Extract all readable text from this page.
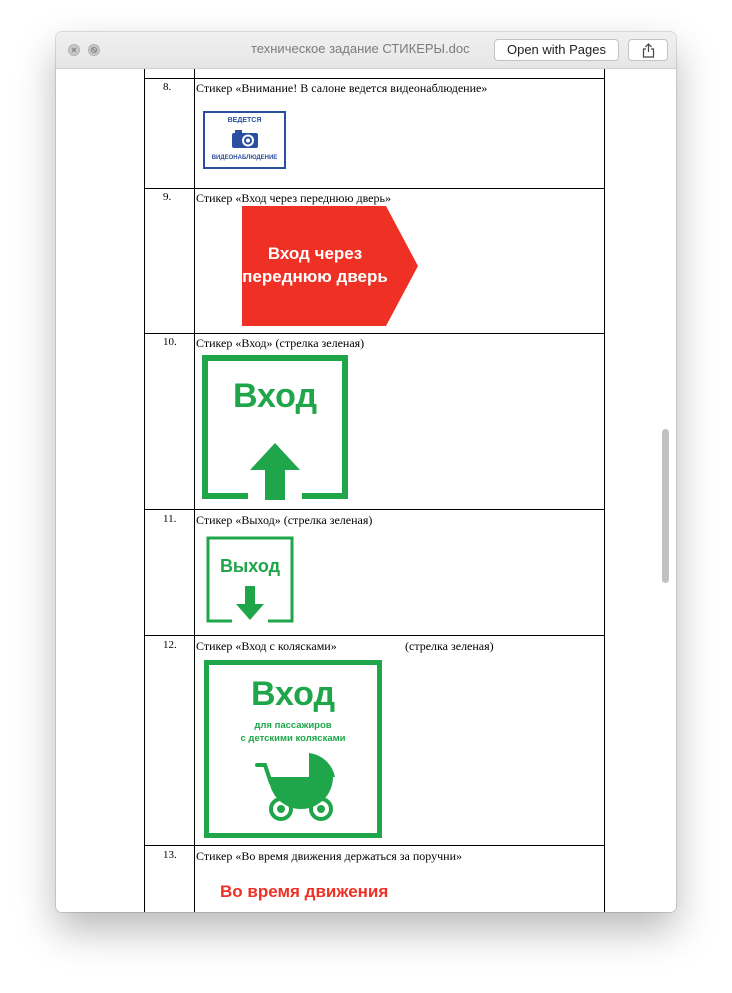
техническое задание СТИКЕРЫ.doc	Open with Pages
8. Стикер «Внимание! В салоне ведется видеонаблюдение»
ВЕДЕТСЯ
ВИДЕОНАБЛЮДЕНИЕ
9. Стикер «Вход через переднюю дверь»
Вход через
переднюю дверь
10. Стикер «Вход» (стрелка зеленая)
Вход
11. Стикер «Выход» (стрелка зеленая)
Выход
12. Стикер «Вход с колясками»	(стрелка зеленая)
Вход
для пассажиров
с детскими колясками
13. Стикер «Во время движения держаться за поручни»
Во время движения
